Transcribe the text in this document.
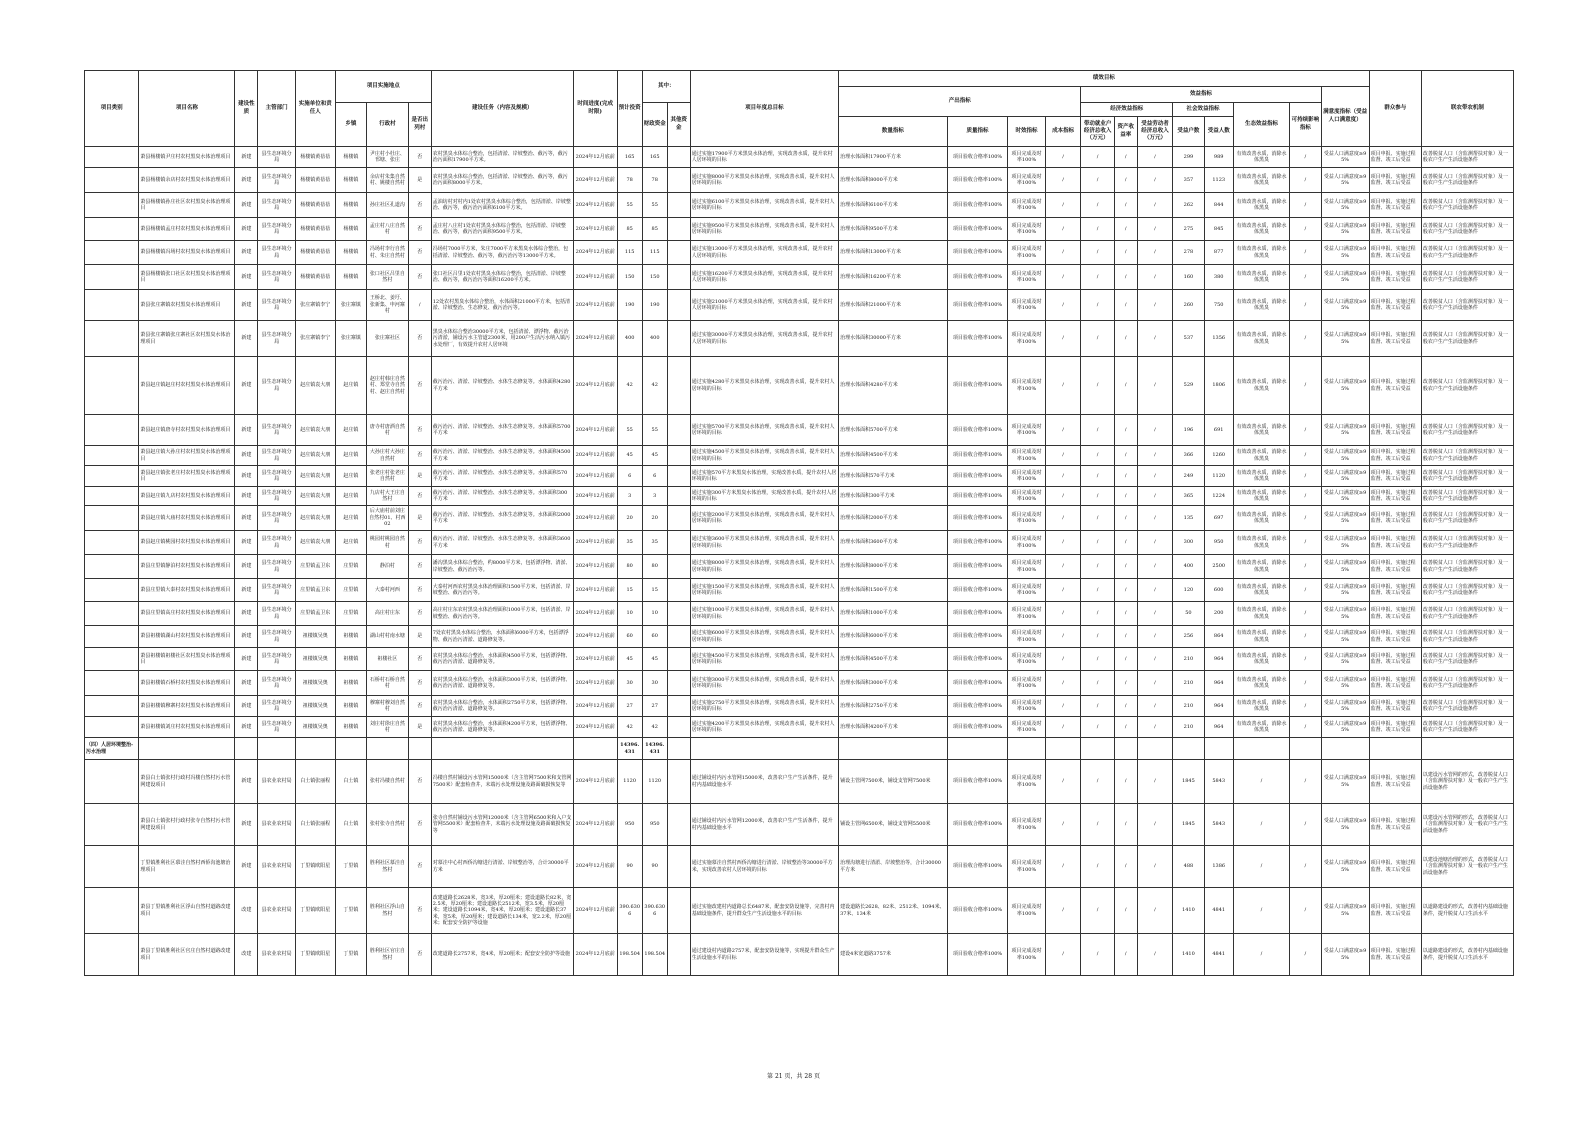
项目类别	项目名称	建设性质	主管部门	实施单位和责任人	项目实施地点			建设任务（内容及规模）	时间进度(完成时限)	预计投资	其中：		项目年度总目标	绩效目标												群众参与	联农带农机制
														产出指标				效益指标							满意度指标（受益人口满意度）		
					乡镇	行政村	是否出列村				财政资金	其他资金						经济效益指标			社会效益指标		生态效益指标	可持续影响指标			
														数量指标	质量指标	时效指标	成本指标	带动就业户经济总收入（万元）	资产收益率	受益劳动者经济总收入（万元）	受益户数	受益人数					
	萧县杨楼镇尹庄村农村黑臭水体治理项目	新建	县生态环境分局	杨楼镇黄蓓蓓	杨楼镇	尹庄村小杜庄、邗塘、张庄	否	农村黑臭水体综合整治，包括清淤、岸坡整治、截污等，截污治污面积17900平方米。	2024年12月底前	165	165		通过实施17900平方米黑臭水体治理，实现改善水质，提升农村人居环境的目标	治理水体面积17900平方米	项目验收合格率100%	项目完成及时率100%	/	/	/	/	299	989	有效改善水质，消除水体黑臭	/	受益人口满意度≥95%	项目申报、实施过程监督、竣工后受益	改善脱贫人口（含监测帮扶对象）及一般农户生产生活设施条件
	萧县杨楼镇余店村农村黑臭水体治理项目	新建	县生态环境分局	杨楼镇黄蓓蓓	杨楼镇	余店村朱集自然村、姚楼自然村	是	农村黑臭水体综合整治，包括清淤、岸坡整治、截污等，截污治污面积8000平方米。	2024年12月底前	78	78		通过实施8000平方米黑臭水体治理，实现改善水质，提升农村人居环境的目标	治理水体面积8000平方米	项目验收合格率100%	项目完成及时率100%	/	/	/	/	357	1123	有效改善水质，消除水体黑臭	/	受益人口满意度≥95%	项目申报、实施过程监督、竣工后受益	改善脱贫人口（含监测帮扶对象）及一般农户生产生活设施条件
	萧县杨楼镇孙庄社区农村黑臭水体治理项目	新建	县生态环境分局	杨楼镇黄蓓蓓	杨楼镇	孙庄社区孔道沟	否	孟油坊村对村内1处农村黑臭水体综合整治，包括清淤、岸坡整治、截污等，截污治污面积6100平方米。	2024年12月底前	55	55		通过实施6100平方米黑臭水体治理，实现改善水质，提升农村人居环境的目标	治理水体面积6100平方米	项目验收合格率100%	项目完成及时率100%	/	/	/	/	262	844	有效改善水质，消除水体黑臭	/	受益人口满意度≥95%	项目申报、实施过程监督、竣工后受益	改善脱贫人口（含监测帮扶对象）及一般农户生产生活设施条件
	萧县杨楼镇孟庄村农村黑臭水体治理项目	新建	县生态环境分局	杨楼镇黄蓓蓓	杨楼镇	孟庄村八庄自然村	否	孟庄村八庄村1处农村黑臭水体综合整治，包括清淤、岸坡整治、截污等，截污治污面积9500平方米。	2024年12月底前	85	85		通过实施9500平方米黑臭水体治理，实现改善水质，提升农村人居环境的目标	治理水体面积9500平方米	项目验收合格率100%	项目完成及时率100%	/	/	/	/	275	845	有效改善水质，消除水体黑臭	/	受益人口满意度≥95%	项目申报、实施过程监督、竣工后受益	改善脱贫人口（含监测帮扶对象）及一般农户生产生活设施条件
	萧县杨楼镇冯场村农村黑臭水体治理项目	新建	县生态环境分局	杨楼镇黄蓓蓓	杨楼镇	冯场村李行自然村、朱庄自然村	否	冯场村7000平方米，朱庄7000平方米黑臭水体综合整治，包括清淤、岸坡整治、截污等，截污治污等13000平方米。	2024年12月底前	115	115		通过实施13000平方米黑臭水体治理，实现改善水质，提升农村人居环境的目标	治理水体面积13000平方米	项目验收合格率100%	项目完成及时率100%	/	/	/	/	278	877	有效改善水质，消除水体黑臭	/	受益人口满意度≥95%	项目申报、实施过程监督、竣工后受益	改善脱贫人口（含监测帮扶对象）及一般农户生产生活设施条件
	萧县杨楼镇张口社区农村黑臭水体治理项目	新建	县生态环境分局	杨楼镇黄蓓蓓	杨楼镇	张口社区吕里自然村	否	张口社区吕里1处农村黑臭水体综合整治，包括清淤、岸坡整治、截污等，截污治污等面积16200平方米。	2024年12月底前	150	150		通过实施16200平方米黑臭水体治理，实现改善水质，提升农村人居环境的目标	治理水体面积16200平方米	项目验收合格率100%	项目完成及时率100%	/	/	/	/	160	380	有效改善水质，消除水体黑臭	/	受益人口满意度≥95%	项目申报、实施过程监督、竣工后受益	改善脱贫人口（含监测帮扶对象）及一般农户生产生活设施条件
	萧县张庄寨镇农村黑臭水体治理项目	新建	县生态环境分局	张庄寨镇李宁	张庄寨镇	王桥北、姜圩、张新集、申河寨村	/	12处农村黑臭水体综合整治，水体面积21000平方米，包括清淤、岸坡整治、生态修复、截污治污等。	2024年12月底前	190	190		通过实施21000平方米黑臭水体治理，实现改善水质，提升农村人居环境的目标	治理水体面积21000平方米	项目验收合格率100%	项目完成及时率100%	/	/	/	/	260	750	有效改善水质，消除水体黑臭	/	受益人口满意度≥95%	项目申报、实施过程监督、竣工后受益	改善脱贫人口（含监测帮扶对象）及一般农户生产生活设施条件
	萧县张庄寨镇张庄寨社区农村黑臭水体治理项目	新建	县生态环境分局	张庄寨镇李宁	张庄寨镇	张庄寨社区	否	黑臭水体综合整治30000平方米，包括清淤、漂浮物、截污治污清淤，铺设污水主管道2300米，用200户生活污水纳入镇污水处理厂，有效提升农村人居环境	2024年12月底前	400	400		通过实施30000平方米黑臭水体治理，实现改善水质，提升农村人居环境的目标	治理水体面积30000平方米	项目验收合格率100%	项目完成及时率100%	/	/	/	/	537	1356	有效改善水质，消除水体黑臭	/	受益人口满意度≥95%	项目申报、实施过程监督、竣工后受益	改善脱贫人口（含监测帮扶对象）及一般农户生产生活设施条件
	萧县赵庄镇赵庄村农村黑臭水体治理项目	新建	县生态环境分局	赵庄镇袁大朋	赵庄镇	赵庄村韩庄自然村、郑堂寺自然村、赵庄自然村	否	截污治污、清淤、岸坡整治、水体生态修复等。水体面积4280平方米	2024年12月底前	42	42		通过实施4280平方米黑臭水体治理，实现改善水质，提升农村人居环境的目标	治理水体面积4280平方米	项目验收合格率100%	项目完成及时率100%	/	/	/	/	529	1806	有效改善水质，消除水体黑臭	/	受益人口满意度≥95%	项目申报、实施过程监督、竣工后受益	改善脱贫人口（含监测帮扶对象）及一般农户生产生活设施条件
	萧县赵庄镇唐寺村农村黑臭水体治理项目	新建	县生态环境分局	赵庄镇袁大朋	赵庄镇	唐寺村唐酒自然村	否	截污治污、清淤、岸坡整治、水体生态修复等。水体面积5700平方米	2024年12月底前	55	55		通过实施5700平方米黑臭水体治理，实现改善水质，提升农村人居环境的目标	治理水体面积5700平方米	项目验收合格率100%	项目完成及时率100%	/	/	/	/	196	691	有效改善水质，消除水体黑臭	/	受益人口满意度≥95%	项目申报、实施过程监督、竣工后受益	改善脱贫人口（含监测帮扶对象）及一般农户生产生活设施条件
	萧县赵庄镇大孙庄村农村黑臭水体治理项目	新建	县生态环境分局	赵庄镇袁大朋	赵庄镇	大孙庄村大孙庄自然村	否	截污治污、清淤、岸坡整治、水体生态修复等。水体面积4500平方米	2024年12月底前	45	45		通过实施4500平方米黑臭水体治理，实现改善水质，提升农村人居环境的目标	治理水体面积4500平方米	项目验收合格率100%	项目完成及时率100%	/	/	/	/	366	1260	有效改善水质，消除水体黑臭	/	受益人口满意度≥95%	项目申报、实施过程监督、竣工后受益	改善脱贫人口（含监测帮扶对象）及一般农户生产生活设施条件
	萧县赵庄镇张老庄村农村黑臭水体治理项目	新建	县生态环境分局	赵庄镇袁大朋	赵庄镇	张老庄村张老庄自然村	是	截污治污、清淤、岸坡整治、水体生态修复等。水体面积570平方米	2024年12月底前	6	6		通过实施570平方米黑臭水体治理，实现改善水质，提升农村人居环境的目标	治理水体面积570平方米	项目验收合格率100%	项目完成及时率100%	/	/	/	/	249	1120	有效改善水质，消除水体黑臭	/	受益人口满意度≥95%	项目申报、实施过程监督、竣工后受益	改善脱贫人口（含监测帮扶对象）及一般农户生产生活设施条件
	萧县赵庄镇九店村农村黑臭水体治理项目	新建	县生态环境分局	赵庄镇袁大朋	赵庄镇	九店村大王庄自然村	否	截污治污、清淤、岸坡整治、水体生态修复等。水体面积300平方米	2024年12月底前	3	3		通过实施300平方米黑臭水体治理，实现改善水质，提升农村人居环境的目标	治理水体面积300平方米	项目验收合格率100%	项目完成及时率100%	/	/	/	/	365	1224	有效改善水质，消除水体黑臭	/	受益人口满意度≥95%	项目申报、实施过程监督、竣工后受益	改善脱贫人口（含监测帮扶对象）及一般农户生产生活设施条件
	萧县赵庄镇大庙村农村黑臭水体治理项目	新建	县生态环境分局	赵庄镇袁大朋	赵庄镇	后大庙村前刘庄自然村01、村西02	是	截污治污、清淤、岸坡整治、水体生态修复等。水体面积2000平方米	2024年12月底前	20	20		通过实施2000平方米黑臭水体治理，实现改善水质，提升农村人居环境的目标	治理水体面积2000平方米	项目验收合格率100%	项目完成及时率100%	/	/	/	/	135	697	有效改善水质，消除水体黑臭	/	受益人口满意度≥95%	项目申报、实施过程监督、竣工后受益	改善脱贫人口（含监测帮扶对象）及一般农户生产生活设施条件
	萧县赵庄镇桃园村农村黑臭水体治理项目	新建	县生态环境分局	赵庄镇袁大朋	赵庄镇	桃园村桃园自然村	否	截污治污、清淤、岸坡整治、水体生态修复等。水体面积3600平方米	2024年12月底前	35	35		通过实施3600平方米黑臭水体治理，实现改善水质，提升农村人居环境的目标	治理水体面积3600平方米	项目验收合格率100%	项目完成及时率100%	/	/	/	/	300	950	有效改善水质，消除水体黑臭	/	受益人口满意度≥95%	项目申报、实施过程监督、竣工后受益	改善脱贫人口（含监测帮扶对象）及一般农户生产生活设施条件
	萧县庄里镇静泊村农村黑臭水体治理项目	新建	县生态环境分局	庄里镇孟卫东	庄里镇	静泊村	否	潘沟黑臭水体综合整治，约8000平方米，包括漂浮物、清淤、岸坡整治、截污治污等。	2024年12月底前	80	80		通过实施8000平方米黑臭水体治理，实现改善水质，提升农村人居环境的目标	治理水体面积8000平方米	项目验收合格率100%	项目完成及时率100%	/	/	/	/	400	2500	有效改善水质，消除水体黑臭	/	受益人口满意度≥95%	项目申报、实施过程监督、竣工后受益	改善脱贫人口（含监测帮扶对象）及一般农户生产生活设施条件
	萧县庄里镇大泰村农村黑臭水体治理项目	新建	县生态环境分局	庄里镇孟卫东	庄里镇	大泰村河西	否	大泰村河西农村黑臭水体治理面积1500平方米，包括清淤、岸坡整治、截污治污等。	2024年12月底前	15	15		通过实施1500平方米黑臭水体治理，实现改善水质，提升农村人居环境的目标	治理水体面积1500平方米	项目验收合格率100%	项目完成及时率100%	/	/	/	/	120	600	有效改善水质，消除水体黑臭	/	受益人口满意度≥95%	项目申报、实施过程监督、竣工后受益	改善脱贫人口（含监测帮扶对象）及一般农户生产生活设施条件
	萧县庄里镇高庄村农村黑臭水体治理项目	新建	县生态环境分局	庄里镇孟卫东	庄里镇	高庄村庄东	否	高庄村庄东农村黑臭水体治理面积1000平方米，包括清淤、岸坡整治、截污治污等。	2024年12月底前	10	10		通过实施1000平方米黑臭水体治理，实现改善水质，提升农村人居环境的目标	治理水体面积1000平方米	项目验收合格率100%	项目完成及时率100%	/	/	/	/	50	200	有效改善水质，消除水体黑臭	/	受益人口满意度≥95%	项目申报、实施过程监督、竣工后受益	改善脱贫人口（含监测帮扶对象）及一般农户生产生活设施条件
	萧县祖楼镇湖山村农村黑臭水体治理项目	新建	县生态环境分局	祖楼镇吴奥	祖楼镇	湖山村村南水塘	是	7处农村黑臭水体综合整治，水体面积6000平方米，包括漂浮物、截污治污清淤、道路修复等。	2024年12月底前	60	60		通过实施6000平方米黑臭水体治理，实现改善水质，提升农村人居环境的目标	治理水体面积6000平方米	项目验收合格率100%	项目完成及时率100%	/	/	/	/	256	864	有效改善水质，消除水体黑臭	/	受益人口满意度≥95%	项目申报、实施过程监督、竣工后受益	改善脱贫人口（含监测帮扶对象）及一般农户生产生活设施条件
	萧县祖楼镇祖楼社区农村黑臭水体治理项目	新建	县生态环境分局	祖楼镇吴奥	祖楼镇	祖楼社区	否	农村黑臭水体综合整治，水体面积4500平方米，包括漂浮物、截污治污清淤、道路修复等。	2024年12月底前	45	45		通过实施4500平方米黑臭水体治理，实现改善水质，提升农村人居环境的目标	治理水体面积4500平方米	项目验收合格率100%	项目完成及时率100%	/	/	/	/	210	964	有效改善水质，消除水体黑臭	/	受益人口满意度≥95%	项目申报、实施过程监督、竣工后受益	改善脱贫人口（含监测帮扶对象）及一般农户生产生活设施条件
	萧县祖楼镇石桥村农村黑臭水体治理项目	新建	县生态环境分局	祖楼镇吴奥	祖楼镇	石桥村石桥自然村	否	农村黑臭水体综合整治，水体面积3000平方米，包括漂浮物、截污治污清淤、道路修复等。	2024年12月底前	30	30		通过实施3000平方米黑臭水体治理，实现改善水质，提升农村人居环境的目标	治理水体面积3000平方米	项目验收合格率100%	项目完成及时率100%	/	/	/	/	210	964	有效改善水质，消除水体黑臭	/	受益人口满意度≥95%	项目申报、实施过程监督、竣工后受益	改善脱贫人口（含监测帮扶对象）及一般农户生产生活设施条件
	萧县祖楼镇穆寨村农村黑臭水体治理项目	新建	县生态环境分局	祖楼镇吴奥	祖楼镇	穆寨村穆刘自然村	否	农村黑臭水体综合整治，水体面积2750平方米，包括漂浮物、截污治污清淤、道路修复等。	2024年12月底前	27	27		通过实施2750平方米黑臭水体治理，实现改善水质，提升农村人居环境的目标	治理水体面积2750平方米	项目验收合格率100%	项目完成及时率100%	/	/	/	/	210	964	有效改善水质，消除水体黑臭	/	受益人口满意度≥95%	项目申报、实施过程监督、竣工后受益	改善脱贫人口（含监测帮扶对象）及一般农户生产生活设施条件
	萧县祖楼镇刘庄村农村黑臭水体治理项目	新建	县生态环境分局	祖楼镇吴奥	祖楼镇	刘庄村徐庄自然村	是	农村黑臭水体综合整治，水体面积4200平方米，包括漂浮物、截污治污清淤、道路修复等。	2024年12月底前	42	42		通过实施4200平方米黑臭水体治理，实现改善水质，提升农村人居环境的目标	治理水体面积4200平方米	项目验收合格率100%	项目完成及时率100%	/	/	/	/	210	964	有效改善水质，消除水体黑臭	/	受益人口满意度≥95%	项目申报、实施过程监督、竣工后受益	改善脱贫人口（含监测帮扶对象）及一般农户生产生活设施条件
（四）人居环境整治-污水治理										14396.431	14396.431																
	萧县白土镇张村行政村冯楼自然村污水管网建设项目	新建	县农业农村局	白土镇张丽程	白土镇	张村冯楼自然村	否	冯楼自然村铺设污水管网15000米（含主管网7500米和支管网7500米）配套检查井，末端污水处理设施及路面破损恢复等	2024年12月底前	1120	1120		通过铺设村内污水管网15000米，改善农户生产生活条件，提升村内基础设施水平	铺设主管网7500米，铺设支管网7500米	项目验收合格率100%	项目完成及时率100%	/	/	/	/	1845	5843	/	/	受益人口满意度≥95%	项目申报、实施过程监督、竣工后受益	以建设污水管网的形式，改善脱贫人口（含监测帮扶对象）及一般农户生产生活设施条件
	萧县白土镇张村行政村张寺自然村污水管网建设项目	新建	县农业农村局	白土镇张丽程	白土镇	张村张寺自然村	否	张寺自然村铺设污水管网12000米（含主管网6500米和入户支管网5500米）配套检查井，末端污水处理设施及路面破损恢复等	2024年12月底前	950	950		通过铺设村内污水管网12000米，改善农户生产生活条件，提升村内基础设施水平	铺设主管网6500米，铺设支管网5500米	项目验收合格率100%	项目完成及时率100%	/	/	/	/	1845	5843	/	/	受益人口满意度≥95%	项目申报、实施过程监督、竣工后受益	以建设污水管网的形式，改善脱贫人口（含监测帮扶对象）及一般农户生产生活设施条件
	丁里镇胜利社区慕洼自然村西侨沟池塘治理项目	新建	县农业农村局	丁里镇欧阳星	丁里镇	胜利社区慕洼自然村	否	对慕洼中心村西侨沟塘进行清淤、岸坡整治等，合计30000平方米	2024年12月底前	90	90		通过实施慕洼自然村西侨沟塘进行清淤、岸坡整治等30000平方米，实现改善农村人居环境的目标	治理沟塘进行清淤、岸坡整治等，合计30000平方米	项目验收合格率100%	项目完成及时率100%	/	/	/	/	488	1386	/	/	受益人口满意度≥95%	项目申报、实施过程监督、竣工后受益	以建设池塘治理的形式，改善脱贫人口（含监测帮扶对象）及一般农户生产生活设施条件
	萧县丁里镇胜利社区浮山自然村道路改建项目	改建	县农业农村局	丁里镇欧阳星	丁里镇	胜利社区浮山自然村	否	改建道路长2628米，宽3米，厚20厘米；建设道路长82米，宽2.5米，厚20厘米；建设道路长2512米，宽3.5米，厚20厘米；建设道路长1094米，宽4米，厚20厘米；建设道路长37米，宽5米，厚20厘米；建设道路长134米，宽2.2米，厚20厘米；配套安全防护等设施	2024年12月底前	390.6306	390.6306		通过实施改建村内道路总长6487米，配套安防设施等，完善村内基础设施条件，提升群众生产生活设施水平的目标	建设道路长2628、82米、2512米、1094米、37米、134米	项目验收合格率100%	项目完成及时率100%	/	/	/	/	1410	4841	/	/	受益人口满意度≥95%	项目申报、实施过程监督、竣工后受益	以道路建设的形式，改善村内基础设施条件，提升脱贫人口生活水平
	萧县丁里镇胜利社区官庄自然村道路改建项目	改建	县农业农村局	丁里镇欧阳星	丁里镇	胜利社区官庄自然村	否	改建道路长2757米，宽4米，厚20厘米；配套安全防护等设施	2024年12月底前	198.504	198.504		通过建设村内道路2757米，配套安防设施等，实现提升群众生产生活设施水平的目标	建设4米宽道路3757米	项目验收合格率100%	项目完成及时率100%	/	/	/	/	1410	4841	/	/	受益人口满意度≥95%	项目申报、实施过程监督、竣工后受益	以道路建设的形式，改善村内基础设施条件，提升脱贫人口生活水平
第 21 页，共 28 页
